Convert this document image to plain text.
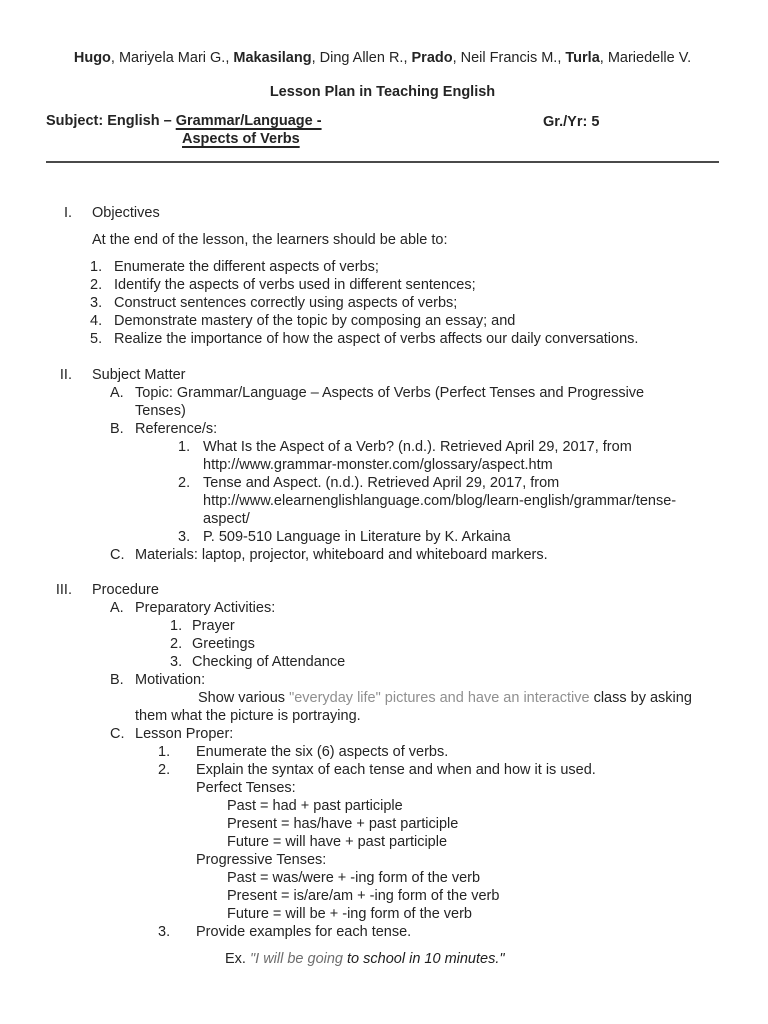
Hugo, Mariyela Mari G., Makasilang, Ding Allen R., Prado, Neil Francis M., Turla, Mariedelle V.
Lesson Plan in Teaching English
Subject: English – Grammar/Language -
Aspects of Verbs
Gr./Yr: 5
I. Objectives
At the end of the lesson, the learners should be able to:
1. Enumerate the different aspects of verbs;
2. Identify the aspects of verbs used in different sentences;
3. Construct sentences correctly using aspects of verbs;
4. Demonstrate mastery of the topic by composing an essay; and
5. Realize the importance of how the aspect of verbs affects our daily conversations.
II. Subject Matter
A. Topic: Grammar/Language – Aspects of Verbs (Perfect Tenses and Progressive
Tenses)
B. Reference/s:
1. What Is the Aspect of a Verb? (n.d.). Retrieved April 29, 2017, from
http://www.grammar-monster.com/glossary/aspect.htm
2. Tense and Aspect. (n.d.). Retrieved April 29, 2017, from
http://www.elearnenglishlanguage.com/blog/learn-english/grammar/tense-
aspect/
3. P. 509-510 Language in Literature by K. Arkaina
C. Materials: laptop, projector, whiteboard and whiteboard markers.
III. Procedure
A. Preparatory Activities:
1. Prayer
2. Greetings
3. Checking of Attendance
B. Motivation:
Show various "everyday life" pictures and have an interactive class by asking
them what the picture is portraying.
C. Lesson Proper:
1.	Enumerate the six (6) aspects of verbs.
2.	Explain the syntax of each tense and when and how it is used.
Perfect Tenses:
Past = had + past participle
Present = has/have + past participle
Future = will have + past participle
Progressive Tenses:
Past = was/were + -ing form of the verb
Present = is/are/am + -ing form of the verb
Future = will be + -ing form of the verb
3.	Provide examples for each tense.
Ex. "I will be going to school in 10 minutes."
